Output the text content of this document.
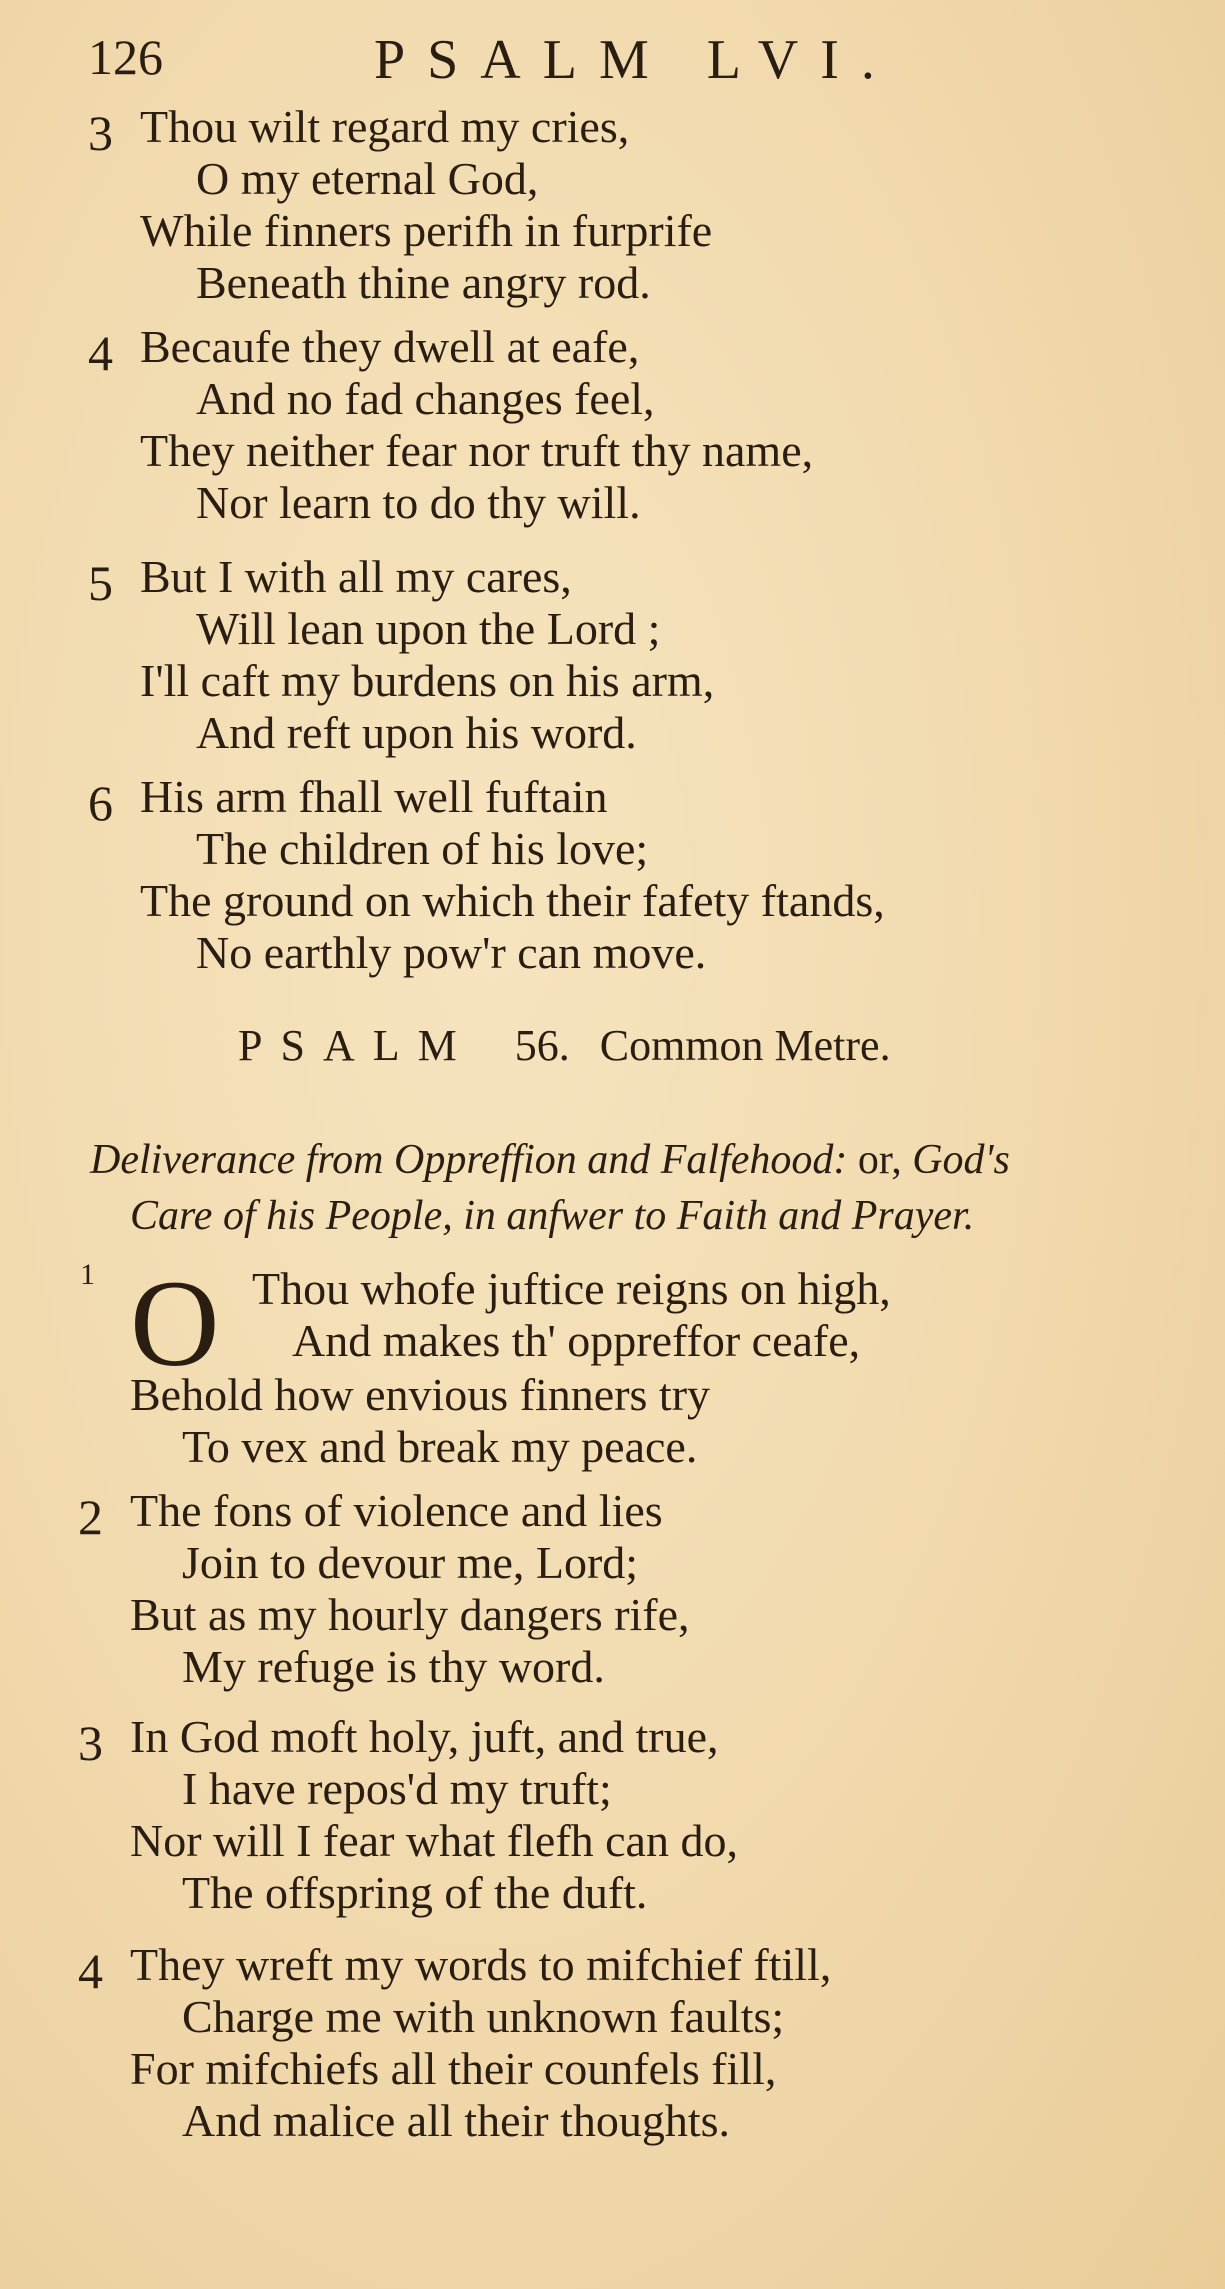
126	PSALM LVI.
3 Thou wilt regard my cries,
O my eternal God,
While finners perifh in furprife
Beneath thine angry rod.
4 Becaufe they dwell at eafe,
And no fad changes feel,
They neither fear nor truft thy name,
Nor learn to do thy will.
5 But I with all my cares,
Will lean upon the Lord ;
I'll caft my burdens on his arm,
And reft upon his word.
6 His arm fhall well fuftain
The children of his love;
The ground on which their fafety ftands,
No earthly pow'r can move.
PSALM 56. Common Metre.
Deliverance from Oppreffion and Falfehood: or, God's
Care of his People, in anfwer to Faith and Prayer.
1 O Thou whofe juftice reigns on high,
And makes th' oppreffor ceafe,
Behold how envious finners try
To vex and break my peace.
2 The fons of violence and lies
Join to devour me, Lord;
But as my hourly dangers rife,
My refuge is thy word.
3 In God moft holy, juft, and true,
I have repos'd my truft;
Nor will I fear what flefh can do,
The offspring of the duft.
4 They wreft my words to mifchief ftill,
Charge me with unknown faults;
For mifchiefs all their counfels fill,
And malice all their thoughts.
